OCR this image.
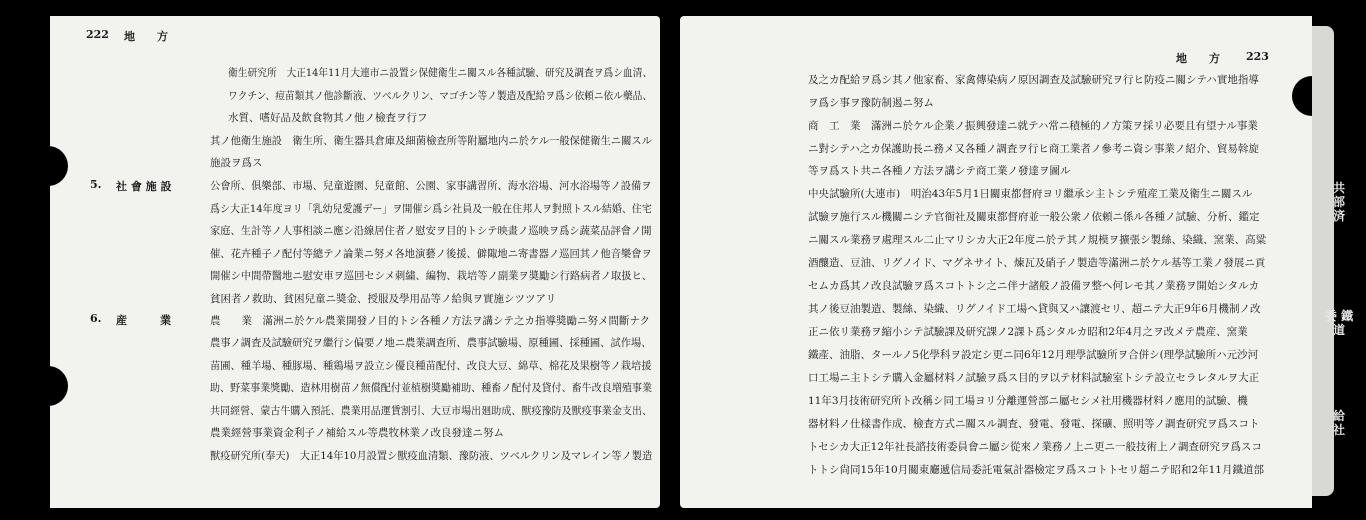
222 地　　方
衛生研究所　大正14年11月大連市ニ設置シ保健衛生ニ關スル各種試驗、研究及調査ヲ爲シ血清、
ワクチン、痘苗類其ノ他診斷液、ツベルクリン、マゴチン等ノ製造及配給ヲ爲シ依頼ニ依ル藥品、
水質、嗜好品及飲食物其ノ他ノ檢査ヲ行フ
其ノ他衛生施設　衛生所、衛生器具倉庫及細菌檢查所等附屬地内ニ於ケル一般保健衛生ニ關スル
施設ヲ爲ス
5. 社 會 施 設	公會所、俱樂部、市場、兒童遊園、兒童館、公園、家事講習所、海水浴場、河水浴場等ノ設備ヲ
爲シ大正14年度ヨリ「乳幼兒愛護デー」ヲ開催シ爲シ社員及一般在住邦人ヲ對照トスル結婚、住宅
家庭、生計等ノ人事相談ニ應シ沿線居住者ノ慰安ヲ目的トシテ映畫ノ巡映ヲ爲シ蔬菜品評會ノ開
催、花卉種子ノ配付等總テノ論業ニ努メ各地演藝ノ後援、僻陬地ニ寄書器ノ巡回其ノ他音樂會ヲ
開催シ中間帶醫地ニ慰安車ヲ巡回セシメ刺繍、編物、栽培等ノ副業ヲ奬勵シ行路病者ノ取扱ヒ、
貧困者ノ救助、貧困兒童ニ奬金、授服及學用品等ノ給與ヲ實施シツツアリ
6. 産　　　業	農　　業　滿洲ニ於ケル農業開發ノ目的トシ各種ノ方法ヲ講シテ之カ指導奬勵ニ努メ間斷ナク
農事ノ調査及試驗研究ヲ繼行シ偏要ノ地ニ農業調查所、農事試驗場、原種圃、採種圃、試作場、
苗圃、種羊場、種豚場、種鶏場ヲ設立シ優良種苗配付、改良大豆、綿草、棉花及果樹等ノ栽培援
助、野菜事業獎勵、造林用樹苗ノ無償配付並植樹奬勵補助、種畜ノ配付及貸付、畜牛改良増殖事業
共同經營、蒙古牛購入預託、農業用品運賃割引、大豆市場出廻助成、獸疫豫防及獸疫事業金支出、
農業經營事業資金利子ノ補給スル等農牧林業ノ改良發達ニ努ム
獸疫研究所(奉天)　大正14年10月設置シ獸疫血清類、豫防液、ツベルクリン及マレイン等ノ製造
地　　方 223
及之カ配給ヲ爲シ其ノ他家畜、家禽傳染病ノ原因調查及試驗研究ヲ行ヒ防疫ニ關シテハ實地指導
ヲ爲シ事ヲ豫防制遏ニ努ム
商　工　業　滿洲ニ於ケル企業ノ振興發達ニ就テハ常ニ積極的ノ方策ヲ採リ必要且有望ナル事業
ニ對シテハ之カ保護助長ニ務メ又各種ノ調査ヲ行ヒ商工業者ノ參考ニ資シ事業ノ紹介、貿易斡旋
等ヲ爲スト共ニ各種ノ方法ヲ講シテ商工業ノ發達ヲ圖ル
中央試驗所(大連市)　明治43年5月1日關東都督府ヨリ繼承シ主トシテ殖産工業及衛生ニ關スル
試驗ヲ施行スル機關ニシテ官衙社及關東都督府並一般公衆ノ依頼ニ係ル各種ノ試驗、分析、鑑定
ニ關スル業務ヲ處理スル二止マリシカ大正2年度ニ於テ其ノ規模ヲ擴張シ製絲、染織、窯業、高粱
酒釀造、豆油、リグノイド、マグネサイト、煉瓦及硝子ノ製造等滿洲ニ於ケル基等工業ノ發展ニ貢
セムカ爲其ノ改良試驗ヲ爲スコトトシ之ニ伴ナ諸般ノ設備ヲ整ヘ何レモ其ノ業務ヲ開始シタルカ
其ノ後豆油製造、製絲、染織、リグノイド工場ヘ貸與又ハ讓渡セリ、超ニテ大正9年6月機制ノ改
正ニ依リ業務ヲ縮小シテ試驗課及研究課ノ2課ト爲シタルカ昭和2年4月之ヲ改メテ農産、窯業
鐵產、油脂、タールノ5化學科ヲ設定シ更ニ同6年12月理學試驗所ヲ合併シ(理學試驗所ハ元沙河
口工場ニ主トシテ購入金屬材料ノ試驗ヲ爲ス目的ヲ以テ材料試驗室トシテ設立セラレタルヲ大正
11年3月技術研究所ト改稱シ同工場ヨリ分離運營部ニ屬セシメ社用機器材料ノ應用的試驗、機
器材料ノ仕樣書作成、檢査方式ニ關スル調査、發電、發電、探礦、照明等ノ調査研究ヲ爲スコト
トセシカ大正12年社長諮技術委員會ニ屬シ從來ノ業務ノ上ニ更ニ一般技術上ノ調查研究ヲ爲スコ
トトシ尙同15年10月關東廳遞信局委託電氣計器檢定ヲ爲スコトトセリ超ニテ昭和2年11月鐵道部
共
部
済
委 鐵
道
給
社
